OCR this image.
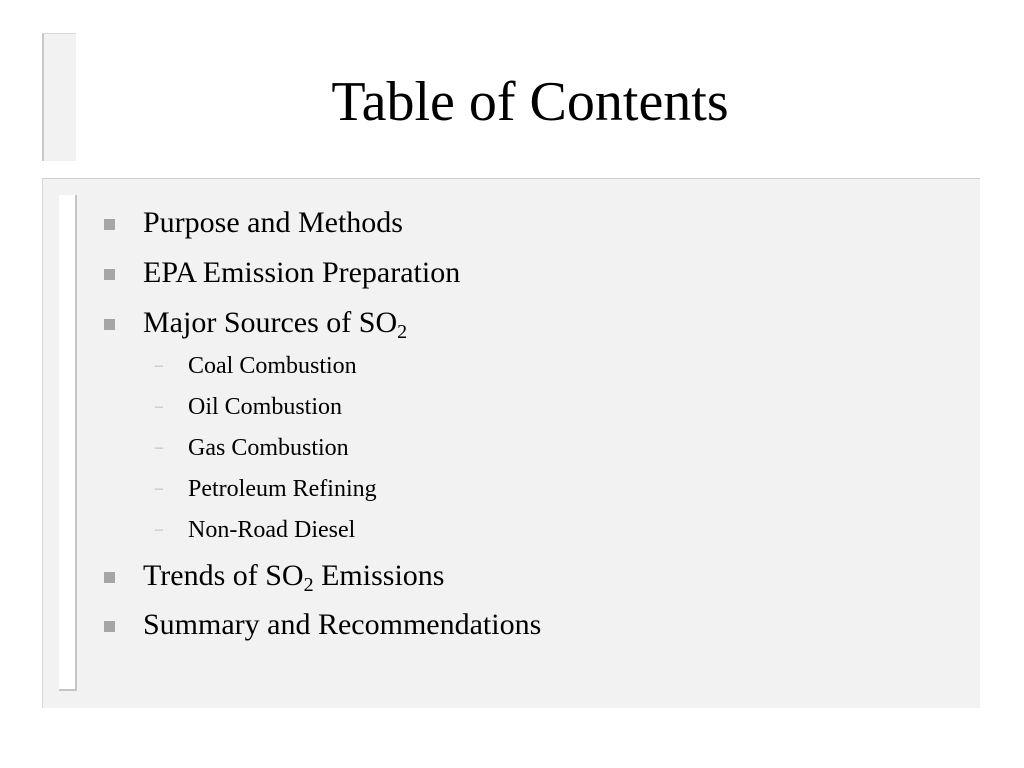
Table of Contents
Purpose and Methods
EPA Emission Preparation
Major Sources of $SO_2$
– Coal Combustion
– Oil Combustion
– Gas Combustion
– Petroleum Refining
– Non-Road Diesel
Trends of $SO_2$ Emissions
Summary and Recommendations
